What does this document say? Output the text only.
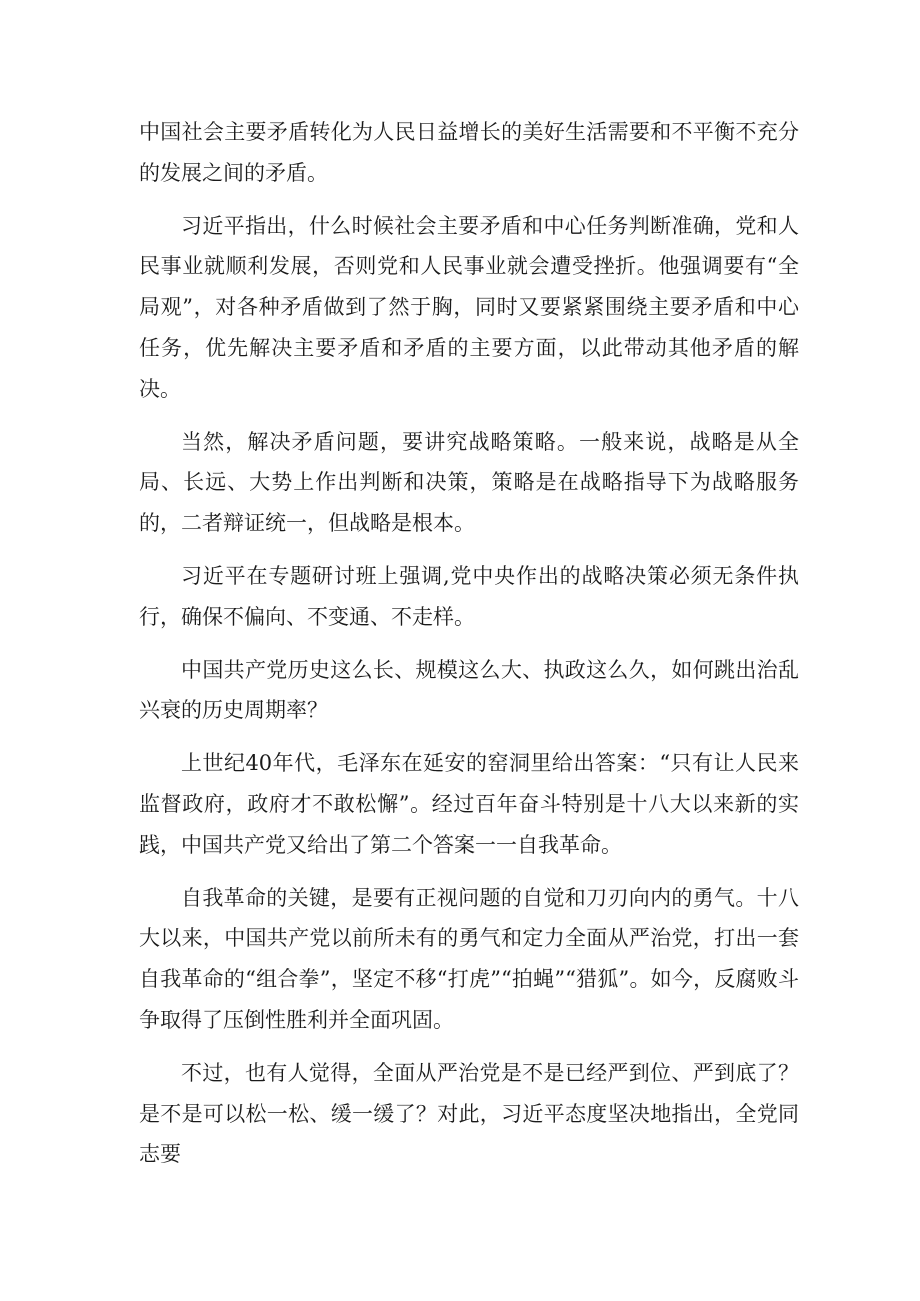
中国社会主要矛盾转化为人民日益增长的美好生活需要和不平衡不充分的发展之间的矛盾。

习近平指出，什么时候社会主要矛盾和中心任务判断准确，党和人民事业就顺利发展，否则党和人民事业就会遭受挫折。他强调要有“全局观”，对各种矛盾做到了然于胸，同时又要紧紧围绕主要矛盾和中心任务，优先解决主要矛盾和矛盾的主要方面，以此带动其他矛盾的解决。

当然，解决矛盾问题，要讲究战略策略。一般来说，战略是从全局、长远、大势上作出判断和决策，策略是在战略指导下为战略服务的，二者辩证统一，但战略是根本。

习近平在专题研讨班上强调,党中央作出的战略决策必须无条件执行，确保不偏向、不变通、不走样。

中国共产党历史这么长、规模这么大、执政这么久，如何跳出治乱兴衰的历史周期率？

上世纪40年代，毛泽东在延安的窑洞里给出答案：“只有让人民来监督政府，政府才不敢松懈”。经过百年奋斗特别是十八大以来新的实践，中国共产党又给出了第二个答案一一自我革命。

自我革命的关键，是要有正视问题的自觉和刀刃向内的勇气。十八大以来，中国共产党以前所未有的勇气和定力全面从严治党，打出一套自我革命的“组合拳”，坚定不移“打虎”“拍蝇”“猎狐”。如今，反腐败斗争取得了压倒性胜利并全面巩固。

不过，也有人觉得，全面从严治党是不是已经严到位、严到底了？是不是可以松一松、缓一缓了？对此，习近平态度坚决地指出，全党同志要
